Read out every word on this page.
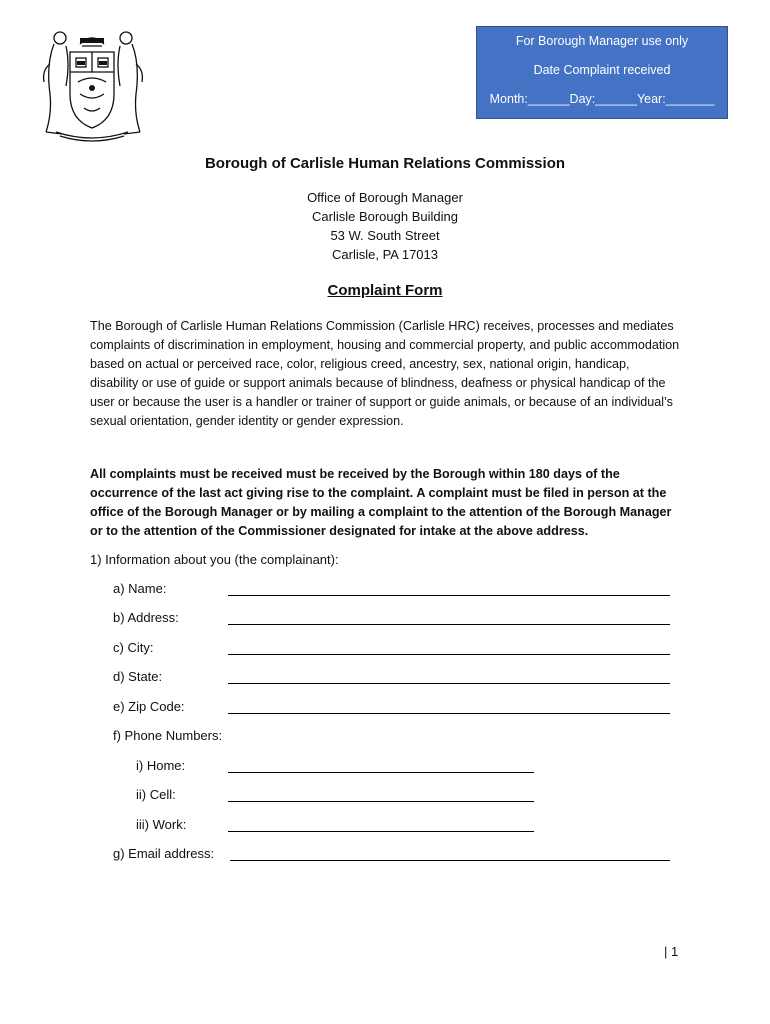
For Borough Manager use only
Date Complaint received
Month:______Day:______Year:_______
Borough of Carlisle Human Relations Commission
Office of Borough Manager
Carlisle Borough Building
53 W. South Street
Carlisle, PA 17013
Complaint Form

The Borough of Carlisle Human Relations Commission (Carlisle HRC) receives, processes and mediates complaints of discrimination in employment, housing and commercial property, and public accommodation based on actual or perceived race, color, religious creed, ancestry, sex, national origin, handicap, disability or use of guide or support animals because of blindness, deafness or physical handicap of the user or because the user is a handler or trainer of support or guide animals, or because of an individual’s sexual orientation, gender identity or gender expression.

All complaints must be received must be received by the Borough within 180 days of the occurrence of the last act giving rise to the complaint. A complaint must be filed in person at the office of the Borough Manager or by mailing a complaint to the attention of the Borough Manager or to the attention of the Commissioner designated for intake at the above address.

1) Information about you (the complainant):
a) Name:
b) Address:
c) City:
d) State:
e) Zip Code:
f) Phone Numbers:
i) Home:
ii) Cell:
iii) Work:
g) Email address:
| 1
